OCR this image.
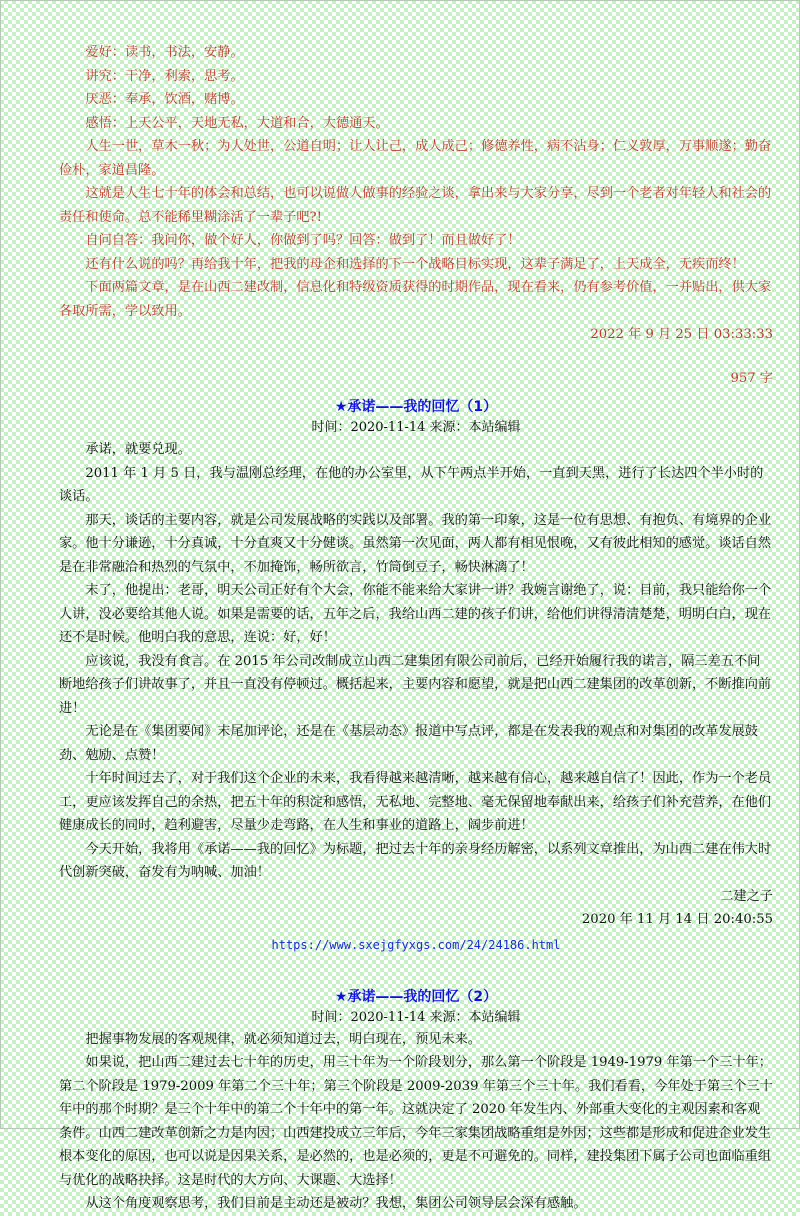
爱好：读书，书法，安静。

讲究：干净，利索，思考。

厌恶：奉承，饮酒，赌博。

感悟：上天公平，天地无私，大道和合，大德通天。

人生一世，草木一秋；为人处世，公道自明；让人让己，成人成己；修德养性，病不沾身；仁义敦厚，万事顺遂；勤奋俭朴，家道昌隆。

这就是人生七十年的体会和总结，也可以说做人做事的经验之谈，拿出来与大家分享，尽到一个老者对年轻人和社会的责任和使命。总不能稀里糊涂活了一辈子吧?!

自问自答：我问你，做个好人，你做到了吗？回答：做到了！而且做好了！

还有什么说的吗？再给我十年，把我的母企和选择的下一个战略目标实现，这辈子满足了，上天成全，无疾而终！

下面两篇文章，是在山西二建改制，信息化和特级资质获得的时期作品，现在看来，仍有参考价值，一并贴出，供大家各取所需，学以致用。

2022 年 9 月 25 日 03:33:33

957 字

★承诺——我的回忆（1）
时间：2020-11-14 来源：本站编辑

承诺，就要兑现。

2011 年 1 月 5 日，我与温刚总经理，在他的办公室里，从下午两点半开始，一直到天黑，进行了长达四个半小时的谈话。

那天，谈话的主要内容，就是公司发展战略的实践以及部署。我的第一印象，这是一位有思想、有抱负、有境界的企业家。他十分谦逊，十分真诚，十分直爽又十分健谈。虽然第一次见面，两人都有相见恨晚，又有彼此相知的感觉。谈话自然是在非常融洽和热烈的气氛中，不加掩饰，畅所欲言，竹筒倒豆子，畅快淋漓了！

末了，他提出：老哥，明天公司正好有个大会，你能不能来给大家讲一讲？我婉言谢绝了，说：目前，我只能给你一个人讲，没必要给其他人说。如果是需要的话，五年之后，我给山西二建的孩子们讲，给他们讲得清清楚楚，明明白白，现在还不是时候。他明白我的意思，连说：好，好！

应该说，我没有食言。在 2015 年公司改制成立山西二建集团有限公司前后，已经开始履行我的诺言，隔三差五不间断地给孩子们讲故事了，并且一直没有停顿过。概括起来，主要内容和愿望，就是把山西二建集团的改革创新，不断推向前进！

无论是在《集团要闻》末尾加评论，还是在《基层动态》报道中写点评，都是在发表我的观点和对集团的改革发展鼓劲、勉励、点赞！

十年时间过去了，对于我们这个企业的未来，我看得越来越清晰，越来越有信心，越来越自信了！因此，作为一个老员工，更应该发挥自己的余热，把五十年的积淀和感悟，无私地、完整地、毫无保留地奉献出来，给孩子们补充营养，在他们健康成长的同时，趋利避害，尽量少走弯路，在人生和事业的道路上，阔步前进！

今天开始，我将用《承诺——我的回忆》为标题，把过去十年的亲身经历解密，以系列文章推出，为山西二建在伟大时代创新突破，奋发有为呐喊、加油！

二建之子

2020 年 11 月 14 日 20:40:55

https://www.sxejgfyxgs.com/24/24186.html
★承诺——我的回忆（2）
时间：2020-11-14 来源：本站编辑

把握事物发展的客观规律，就必须知道过去，明白现在，预见未来。

如果说，把山西二建过去七十年的历史，用三十年为一个阶段划分，那么第一个阶段是 1949-1979 年第一个三十年；第二个阶段是 1979-2009 年第二个三十年；第三个阶段是 2009-2039 年第三个三十年。我们看看，今年处于第三个三十年中的那个时期？是三个十年中的第二个十年中的第一年。这就决定了 2020 年发生内、外部重大变化的主观因素和客观条件。山西二建改革创新之力是内因；山西建投成立三年后，今年三家集团战略重组是外因；这些都是形成和促进企业发生根本变化的原因，也可以说是因果关系，是必然的，也是必须的，更是不可避免的。同样，建投集团下属子公司也面临重组与优化的战略抉择。这是时代的大方向、大课题、大选择！

从这个角度观察思考，我们目前是主动还是被动？我想，集团公司领导层会深有感触。
